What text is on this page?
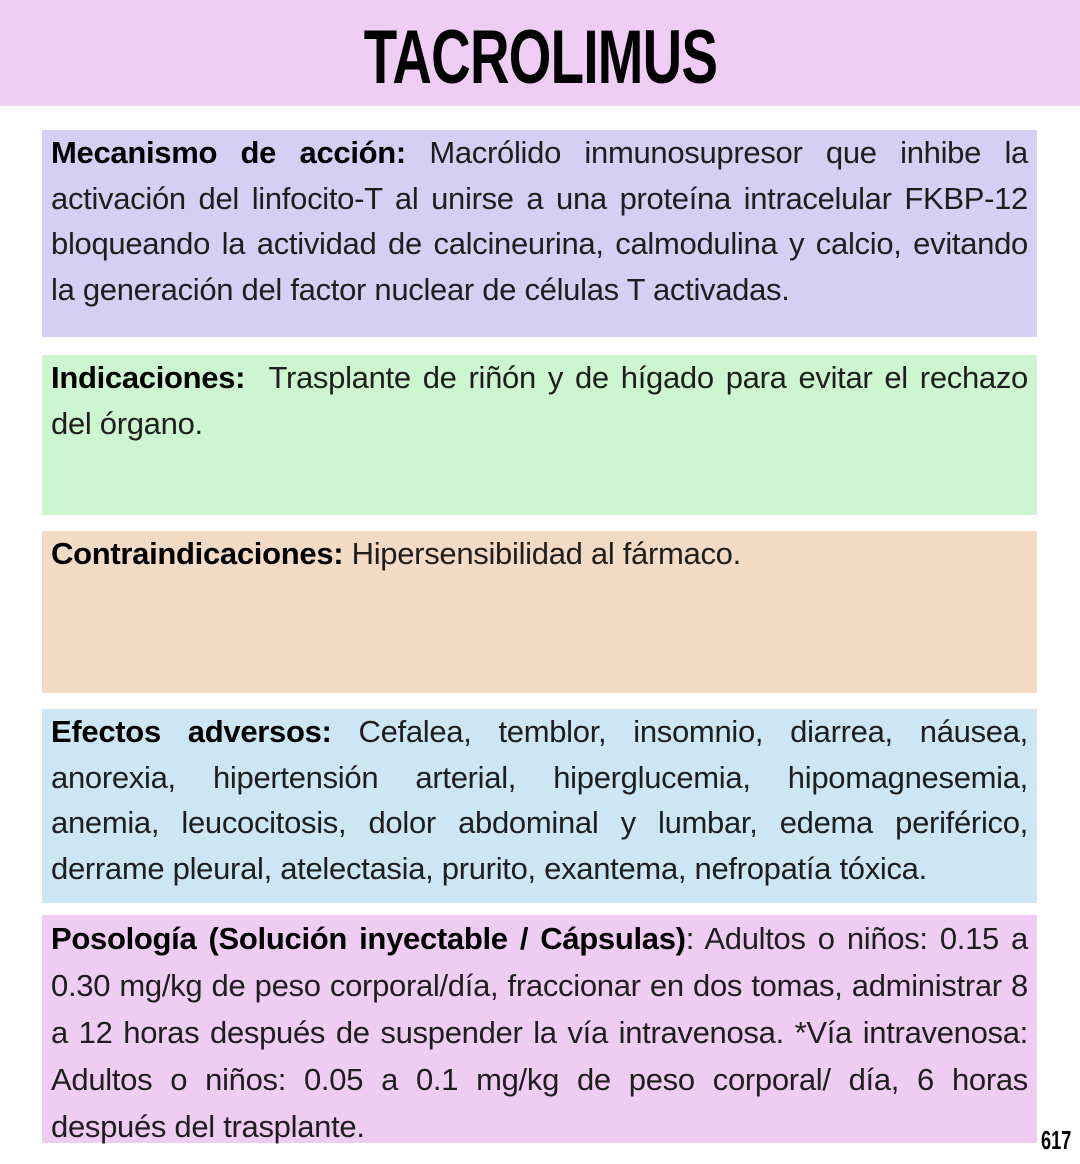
TACROLIMUS
Mecanismo de acción: Macrólido inmunosupresor que inhibe la activación del linfocito-T al unirse a una proteína intracelular FKBP-12 bloqueando la actividad de calcineurina, calmodulina y calcio, evitando la generación del factor nuclear de células T activadas.
Indicaciones:  Trasplante de riñón y de hígado para evitar el rechazo del órgano.
Contraindicaciones: Hipersensibilidad al fármaco.
Efectos adversos: Cefalea, temblor, insomnio, diarrea, náusea, anorexia, hipertensión arterial, hiperglucemia, hipomagnesemia, anemia, leucocitosis, dolor abdominal y lumbar, edema periférico, derrame pleural, atelectasia, prurito, exantema, nefropatía tóxica.
Posología (Solución inyectable / Cápsulas): Adultos o niños: 0.15 a 0.30 mg/kg de peso corporal/día, fraccionar en dos tomas, administrar 8 a 12 horas después de suspender la vía intravenosa. *Vía intravenosa: Adultos o niños: 0.05 a 0.1 mg/kg de peso corporal/ día, 6 horas después del trasplante.	617
